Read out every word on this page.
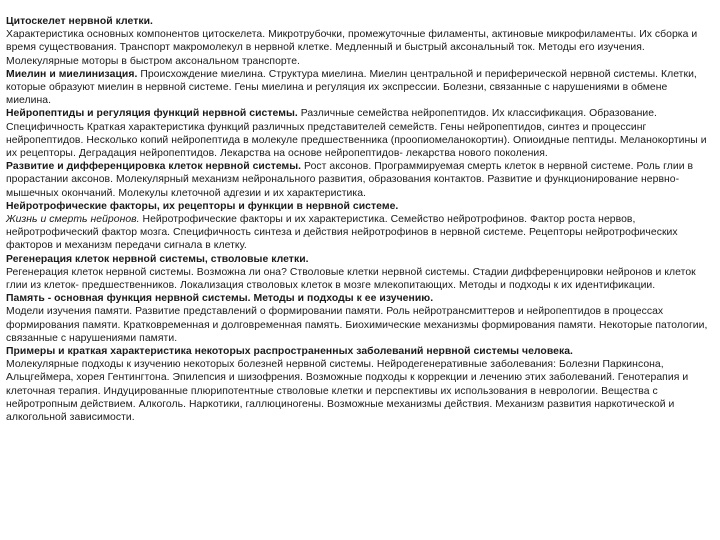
Цитоскелет нервной клетки.
Характеристика основных компонентов цитоскелета. Микротрубочки, промежуточные филаменты, актиновые микрофиламенты. Их сборка и время существования. Транспорт макромолекул в нервной клетке. Медленный и быстрый аксональный ток. Методы его изучения. Молекулярные моторы в быстром аксональном транспорте.

Миелин и миелинизация. Происхождение миелина. Структура миелина. Миелин центральной и периферической нервной системы. Клетки, которые образуют миелин в нервной системе. Гены миелина и регуляция их экспрессии. Болезни, связанные с нарушениями в обмене миелина.

Нейропептиды и регуляция функций нервной системы. Различные семейства нейропептидов. Их классификация. Образование. Специфичность Краткая характеристика функций различных представителей семейств. Гены нейропептидов, синтез и процессинг нейропептидов. Несколько копий нейропептида в молекуле предшественника (проопиомеланокортин). Опиоидные пептиды. Меланокортины и их рецепторы. Деградация нейропептидов. Лекарства на основе нейропептидов- лекарства нового поколения.

Развитие и дифференцировка клеток нервной системы. Рост аксонов. Программируемая смерть клеток в нервной системе. Роль глии в прорастании аксонов. Молекулярный механизм нейронального развития, образования контактов. Развитие и функционирование нервно-мышечных окончаний. Молекулы клеточной адгезии и их характеристика.

Нейротрофические факторы, их рецепторы и функции в нервной системе.
Жизнь и смерть нейронов. Нейротрофические факторы и их характеристика. Семейство нейротрофинов. Фактор роста нервов, нейротрофический фактор мозга. Специфичность синтеза и действия нейротрофинов в нервной системе. Рецепторы нейротрофических факторов и механизм передачи сигнала в клетку.

Регенерация клеток нервной системы, стволовые клетки.
Регенерация клеток нервной системы. Возможна ли она? Стволовые клетки нервной системы. Стадии дифференцировки нейронов и клеток глии из клеток- предшественников. Локализация стволовых клеток в мозге млекопитающих. Методы и подходы к их идентификации.

Память - основная функция нервной системы. Методы и подходы к ее изучению.
Модели изучения памяти. Развитие представлений о формировании памяти. Роль нейротрансмиттеров и нейропептидов в процессах формирования памяти. Кратковременная и долговременная память. Биохимические механизмы формирования памяти. Некоторые патологии, связанные с нарушениями памяти.

Примеры и краткая характеристика некоторых распространенных заболеваний нервной системы человека.
Молекулярные подходы к изучению некоторых болезней нервной системы. Нейродегенеративные заболевания: Болезни Паркинсона, Альцгеймера, хорея Гентингтона. Эпилепсия и шизофрения. Возможные подходы к коррекции и лечению этих заболеваний. Генотерапия и клеточная терапия. Индуцированные плюрипотентные стволовые клетки и перспективы их использования в неврологии. Вещества с нейротропным действием. Алкоголь. Наркотики, галлюциногены. Возможные механизмы действия. Механизм развития наркотической и алкогольной зависимости.
